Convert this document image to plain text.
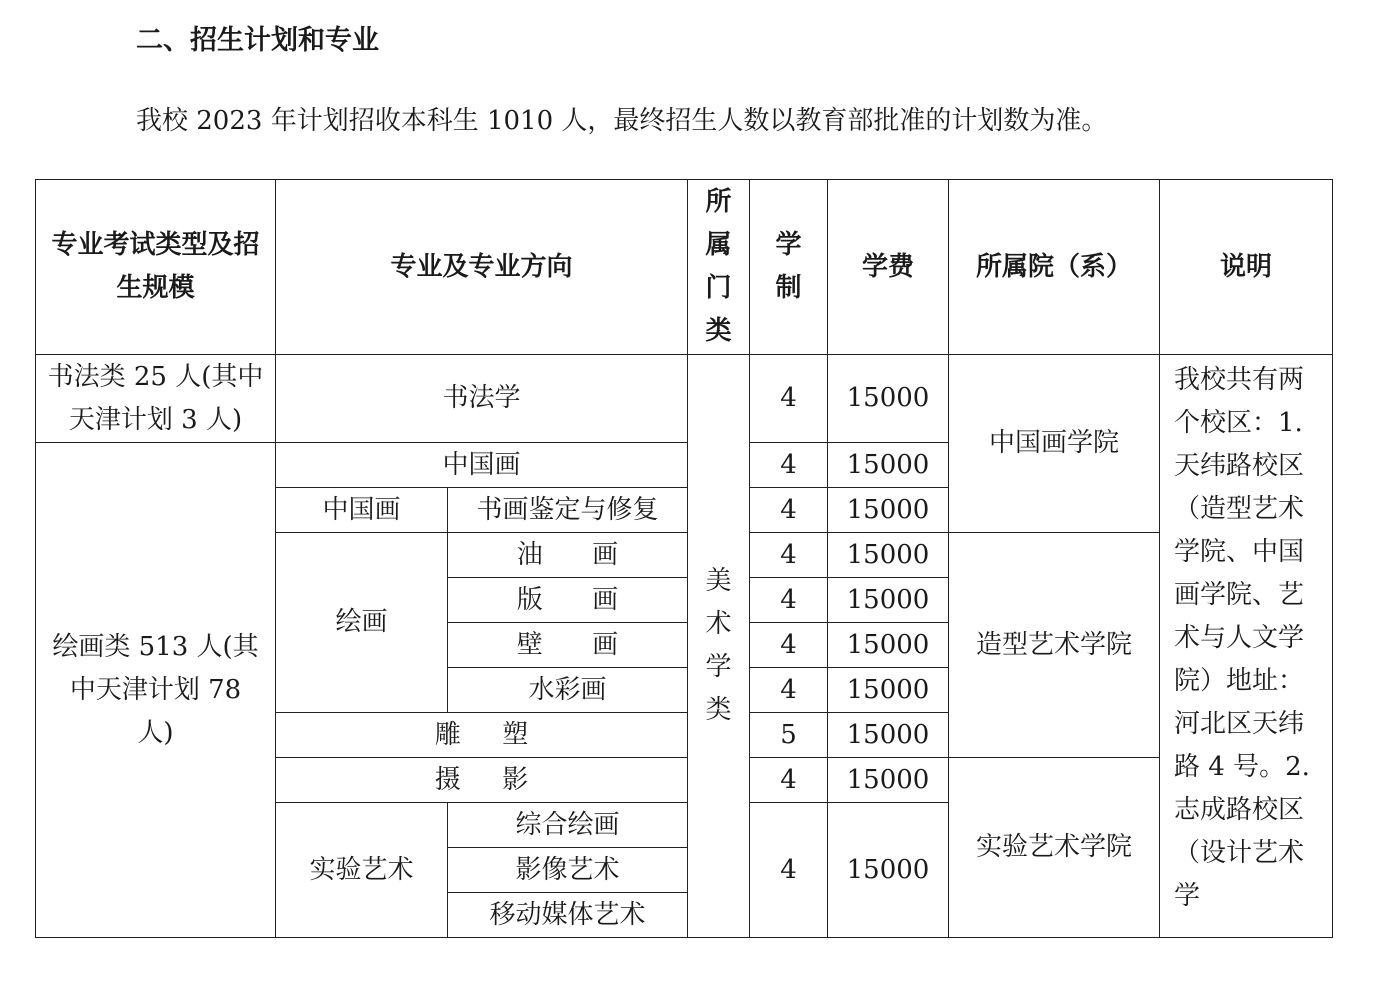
二、招生计划和专业
我校 2023 年计划招收本科生 1010 人，最终招生人数以教育部批准的计划数为准。
专业考试类型及招生规模	专业及专业方向		所属门类	学制	学费	所属院（系）	说明
书法类 25 人(其中天津计划 3 人)	书法学		美术学类	4	15000	中国画学院	我校共有两个校区：1.天纬路校区（造型艺术学院、中国画学院、艺术与人文学院）地址：河北区天纬路 4 号。2.志成路校区（设计艺术学

绘画类 513 人(其中天津计划 78 人)	中国画			4	15000		
	中国画	书画鉴定与修复		4	15000		
	绘画	油画		4	15000	造型艺术学院	
		版画		4	15000		
		壁画		4	15000		
		水彩画		4	15000		
	雕塑			5	15000		
	摄影			4	15000	实验艺术学院	
	实验艺术	综合绘画		4	15000		
		影像艺术					
		移动媒体艺术					
